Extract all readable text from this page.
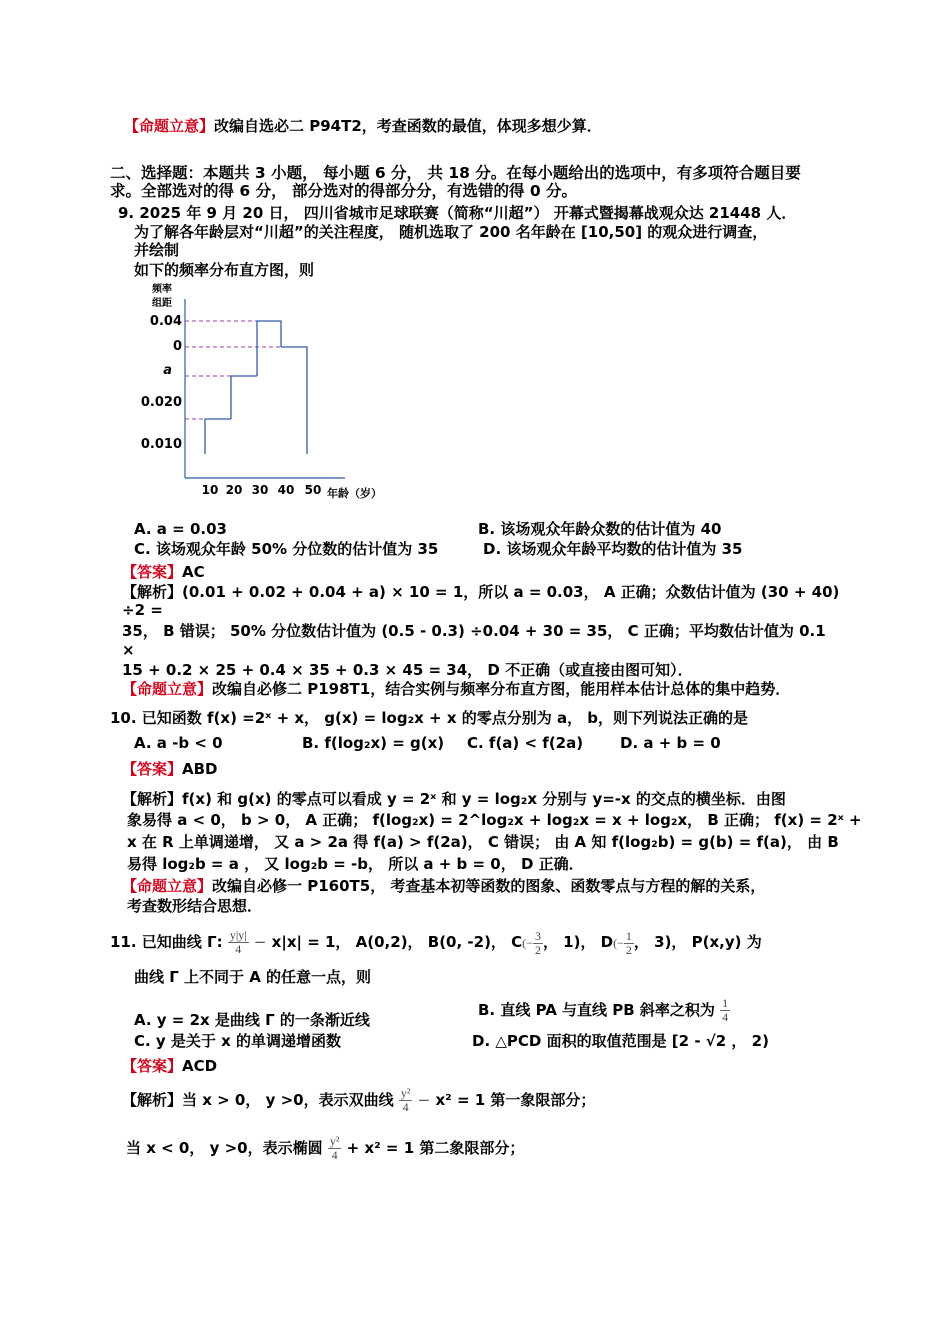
【命题立意】改编自选必二 P94T2，考查函数的最值，体现多想少算．
二、选择题：本题共 3 小题， 每小题 6 分， 共 18 分。在每小题给出的选项中，有多项符合题目要
求。全部选对的得 6 分， 部分选对的得部分分，有选错的得 0 分。
9. 2025 年 9 月 20 日， 四川省城市足球联赛（简称“川超”） 开幕式暨揭幕战观众达 21448 人．
为了解各年龄层对“川超”的关注程度， 随机选取了 200 名年龄在 [10,50] 的观众进行调查，
并绘制
如下的频率分布直方图，则
频率
组距
0.04
0
a
0.020
0.010
10 20 30 40 50 年龄（岁）
A. a = 0.03	B. 该场观众年龄众数的估计值为 40
C. 该场观众年龄 50% 分位数的估计值为 35	D. 该场观众年龄平均数的估计值为 35
【答案】AC
【解析】(0.01 + 0.02 + 0.04 + a) × 10 = 1，所以 a = 0.03， A 正确；众数估计值为 (30 + 40)
÷2 =
35， B 错误； 50% 分位数估计值为 (0.5 - 0.3) ÷0.04 + 30 = 35， C 正确；平均数估计值为 0.1
×
15 + 0.2 × 25 + 0.4 × 35 + 0.3 × 45 = 34， D 不正确（或直接由图可知）．
【命题立意】改编自必修二 P198T1，结合实例与频率分布直方图，能用样本估计总体的集中趋势．
10. 已知函数 f(x) =2ˣ + x， g(x) = log₂x + x 的零点分别为 a， b，则下列说法正确的是
A. a -b < 0	B. f(log₂x) = g(x) C. f(a) < f(2a) D. a + b = 0
【答案】ABD
【解析】f(x) 和 g(x) 的零点可以看成 y = 2ˣ 和 y = log₂x 分别与 y=-x 的交点的横坐标．由图
象易得 a < 0， b > 0， A 正确； f(log₂x) = 2^log₂x + log₂x = x + log₂x， B 正确； f(x) = 2ˣ +
x 在 R 上单调递增， 又 a > 2a 得 f(a) > f(2a)， C 错误； 由 A 知 f(log₂b) = g(b) = f(a)， 由 B
易得 log₂b = a ， 又 log₂b = -b， 所以 a + b = 0， D 正确．
【命题立意】改编自必修一 P160T5， 考查基本初等函数的图象、函数零点与方程的解的关系，
考查数形结合思想．
11. 已知曲线 Γ: $\frac{y|y|}{4} - x|x| = 1$， A(0,2)， B(0, -2)， $C(- \frac{3}{2}$ ， 1)， $D(- \frac{1}{2}$ ， 3)， P(x,y) 为
曲线 Γ 上不同于 A 的任意一点，则
A. y = 2x 是曲线 Γ 的一条渐近线
B. 直线 PA 与直线 PB 斜率之积为 $\frac{1}{4}$
C. y 是关于 x 的单调递增函数	D. △PCD 面积的取值范围是 [2 - √2 ， 2)
【答案】ACD
【解析】当 x > 0， y >0，表示双曲线 $\frac{\text{y²}}{4} - x^2 = 1$ 第一象限部分；
当 x < 0， y >0，表示椭圆 $\frac{\text{y²}}{4} + x^2 = 1$ 第二象限部分；
